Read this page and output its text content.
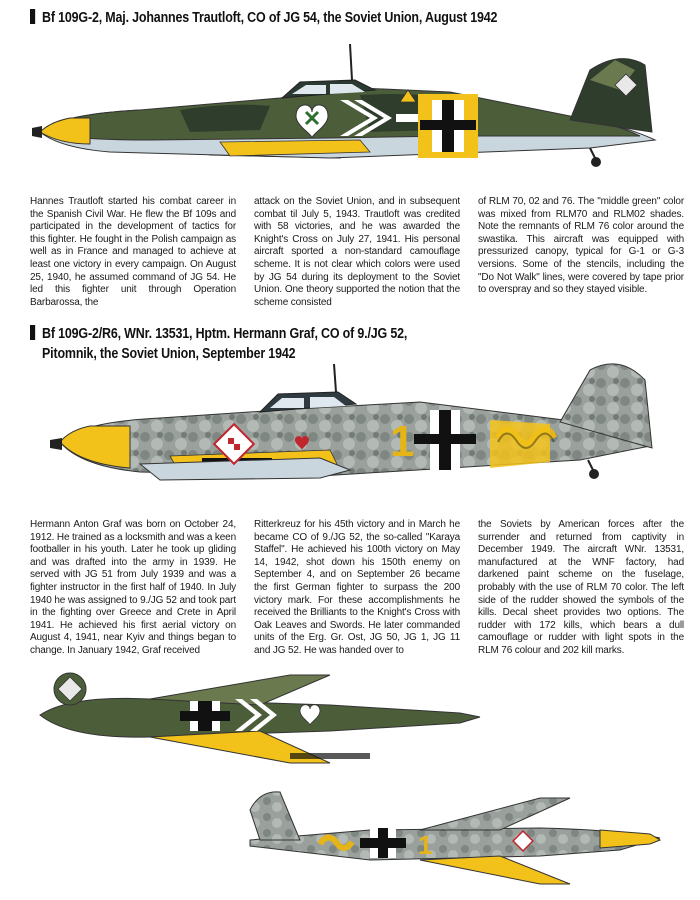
Bf 109G-2, Maj. Johannes Trautloft, CO of JG 54, the Soviet Union, August 1942
Hannes Trautloft started his combat career in the Spanish Civil War. He flew the Bf 109s and participated in the development of tactics for this fighter. He fought in the Polish campaign as well as in France and managed to achieve at least one victory in every campaign. On August 25, 1940, he assumed command of JG 54. He led this fighter unit through Operation Barbarossa, the
attack on the Soviet Union, and in subsequent combat til July 5, 1943. Trautloft was credited with 58 victories, and he was awarded the Knight's Cross on July 27, 1941. His personal aircraft sported a non-standard camouflage scheme. It is not clear which colors were used by JG 54 during its deployment to the Soviet Union. One theory supported the notion that the scheme consisted
of RLM 70, 02 and 76. The "middle green" color was mixed from RLM70 and RLM02 shades. Note the remnants of RLM 76 color around the swastika. This aircraft was equipped with pressurized canopy, typical for G-1 or G-3 versions. Some of the stencils, including the "Do Not Walk" lines, were covered by tape prior to overspray and so they stayed visible.
Bf 109G-2/R6, WNr. 13531, Hptm. Hermann Graf, CO of 9./JG 52,
Pitomnik, the Soviet Union, September 1942
1
Hermann Anton Graf was born on October 24, 1912. He trained as a locksmith and was a keen footballer in his youth. Later he took up gliding and was drafted into the army in 1939. He served with JG 51 from July 1939 and was a fighter instructor in the first half of 1940. In July 1940 he was assigned to 9./JG 52 and took part in the fighting over Greece and Crete in April 1941. He achieved his first aerial victory on August 4, 1941, near Kyiv and things began to change. In January 1942, Graf received
Ritterkreuz for his 45th victory and in March he became CO of 9./JG 52, the so-called "Karaya Staffel". He achieved his 100th victory on May 14, 1942, shot down his 150th enemy on September 4, and on September 26 became the first German fighter to surpass the 200 victory mark. For these accomplishments he received the Brilliants to the Knight's Cross with Oak Leaves and Swords. He later commanded units of the Erg. Gr. Ost, JG 50, JG 1, JG 11 and JG 52. He was handed over to
the Soviets by American forces after the surrender and returned from captivity in December 1949. The aircraft WNr. 13531, manufactured at the WNF factory, had darkened paint scheme on the fuselage, probably with the use of RLM 70 color. The left side of the rudder showed the symbols of the kills. Decal sheet provides two options. The rudder with 172 kills, which bears a dull camouflage or rudder with light spots in the RLM 76 colour and 202 kill marks.
1
